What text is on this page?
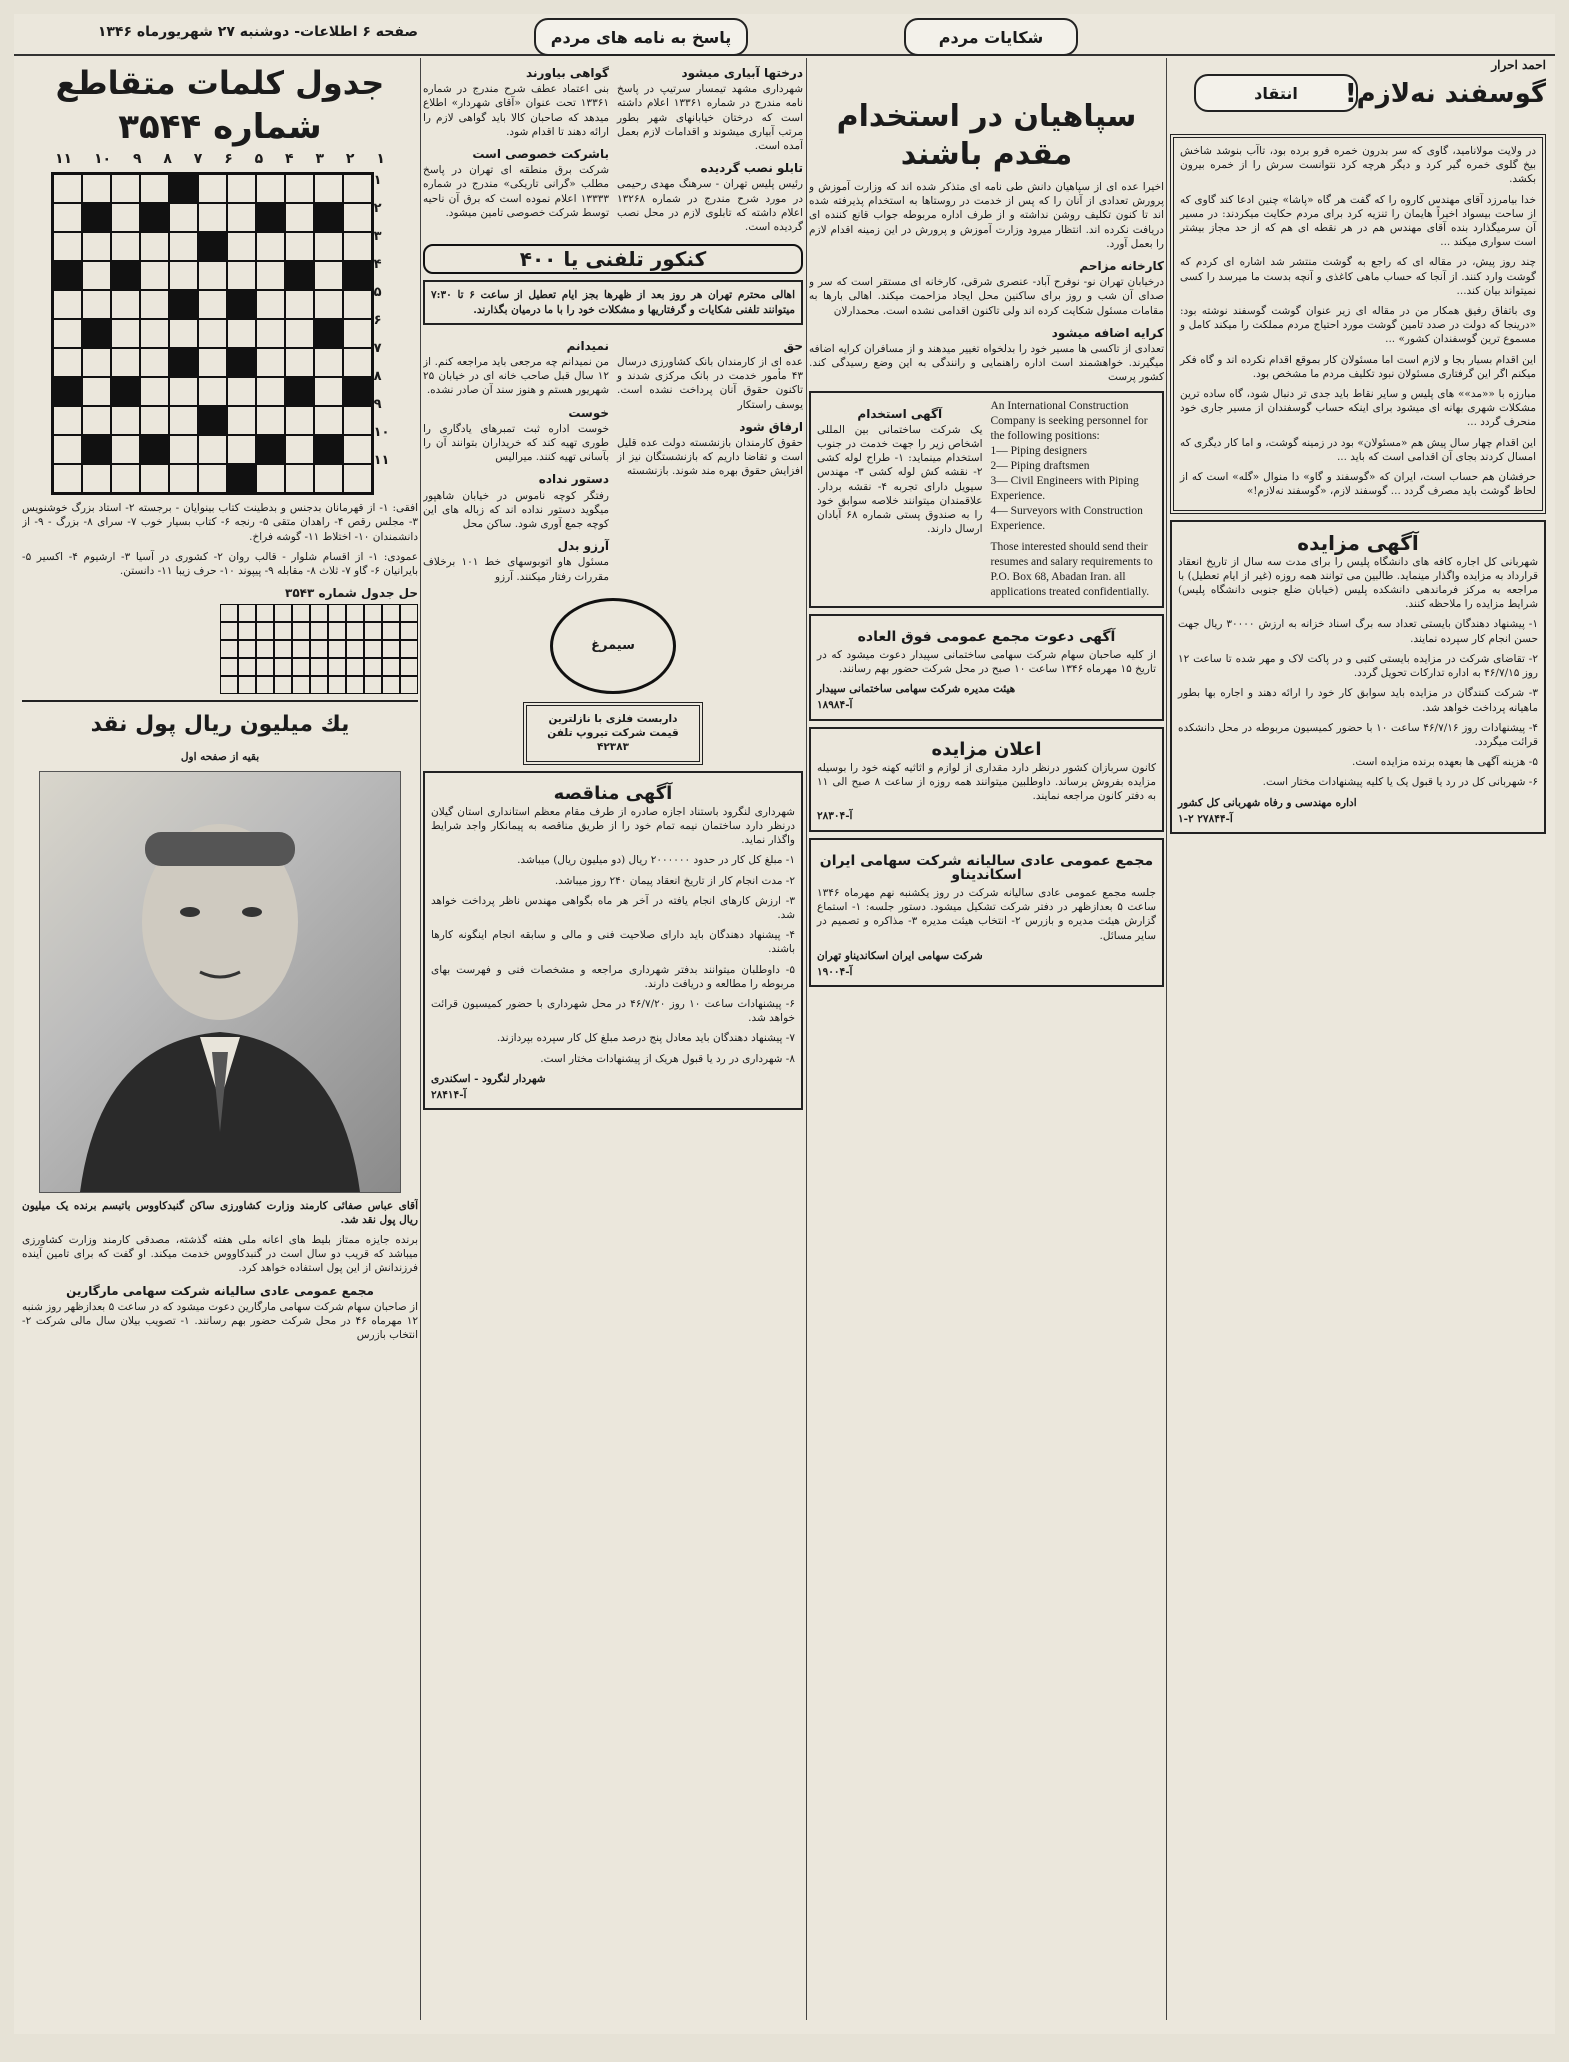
صفحه ۶ اطلاعات- دوشنبه ۲۷ شهریورماه ۱۳۴۶	پاسخ به نامه های مردم	شکایات مردم
انتقاد
احمد احرار
گوسفند نه‌لازم!

در ولایت مولانامید، گاوی که سر بدرون خمره فرو برده بود، تاآب بنوشد شاخش بیخ گلوی خمره گیر کرد و دیگر هرچه کرد نتوانست سرش را از خمره بیرون بکشد.

خدا بیامرزد آقای مهندس کاروه را که گفت هر گاه «پاشا» چنین ادعا کند گاوی که از ساحت بیسواد اخیراً هایمان را تنزیه کرد برای مردم حکایت میکردند: در مسیر آن سرمیگذارد بنده آقای مهندس هم در هر نقطه ای هم که از حد مجاز بیشتر است سواری میکند ...

چند روز پیش، در مقاله ای که راجع به گوشت منتشر شد اشاره ای کردم که گوشت وارد کنند. از آنجا که حساب ماهی کاغذی و آنچه بدست ما میرسد را کسی نمیتواند بیان کند...

وی باتفاق رفیق همکار من در مقاله ای زیر عنوان گوشت گوسفند نوشته بود: «درینجا که دولت در صدد تامین گوشت مورد احتیاج مردم مملکت را میکند کامل و مسموع ترین گوسفندان کشور» ...

این اقدام بسیار بجا و لازم است اما مسئولان کار بموقع اقدام نکرده اند و گاه فکر میکنم اگر این گرفتاری مسئولان نبود تکلیف مردم ما مشخص بود.

مبارزه با ««مد»» های پلیس و سایر نقاط باید جدی تر دنبال شود، گاه ساده ترین مشکلات شهری بهانه ای میشود برای اینکه حساب گوسفندان از مسیر جاری خود منحرف گردد ...

این اقدام چهار سال پیش هم «مسئولان» بود در زمینه گوشت، و اما کار دیگری که امسال کردند بجای آن اقدامی است که باید ...

حرفشان هم حساب است، ایران که «گوسفند و گاو» دا منوال «گله» است که از لحاظ گوشت باید مصرف گردد ... گوسفند لازم، «گوسفند نه‌لازم!»

آگهی مزایده

شهربانی کل اجاره کافه های دانشگاه پلیس را برای مدت سه سال از تاریخ انعقاد قرارداد به مزایده واگذار مینماید. طالبین می توانند همه روزه (غیر از ایام تعطیل) با مراجعه به مرکز فرماندهی دانشکده پلیس (خیابان ضلع جنوبی دانشگاه پلیس) شرایط مزایده را ملاحظه کنند.

۱- پیشنهاد دهندگان بایستی تعداد سه برگ اسناد خزانه به ارزش ۳۰۰۰۰ ریال جهت حسن انجام کار سپرده نمایند.

۲- تقاضای شرکت در مزایده بایستی کتبی و در پاکت لاک و مهر شده تا ساعت ۱۲ روز ۴۶/۷/۱۵ به اداره تدارکات تحویل گردد.

۳- شرکت کنندگان در مزایده باید سوابق کار خود را ارائه دهند و اجاره بها بطور ماهیانه پرداخت خواهد شد.

۴- پیشنهادات روز ۴۶/۷/۱۶ ساعت ۱۰ با حضور کمیسیون مربوطه در محل دانشکده قرائت میگردد.

۵- هزینه آگهی ها بعهده برنده مزایده است.

۶- شهربانی کل در رد یا قبول یک یا کلیه پیشنهادات مختار است.

اداره مهندسی و رفاه شهربانی کل کشور
آ-۲۷۸۴۴ ۲-۱
سپاهیان در استخدام مقدم باشند

اخیرا عده ای از سپاهیان دانش طی نامه ای متذکر شده اند که وزارت آموزش و پرورش تعدادی از آنان را که پس از خدمت در روستاها به استخدام پذیرفته شده اند تا کنون تکلیف روشن نداشته و از طرف اداره مربوطه جواب قانع کننده ای دریافت نکرده اند. انتظار میرود وزارت آموزش و پرورش در این زمینه اقدام لازم را بعمل آورد.

کارخانه مزاحم

درخیابان تهران نو- نوفرح آباد- عنصری شرقی، کارخانه ای مستقر است که سر و صدای آن شب و روز برای ساکنین محل ایجاد مزاحمت میکند. اهالی بارها به مقامات مسئول شکایت کرده اند ولی تاکنون اقدامی نشده است. محمدارلان

کرایه اضافه میشود

تعدادی از تاکسی ها مسیر خود را بدلخواه تغییر میدهند و از مسافران کرایه اضافه میگیرند. خواهشمند است اداره راهنمایی و رانندگی به این وضع رسیدگی کند. کشور پرست

An International Construction Company is seeking personnel for the following positions:
1— Piping designers
2— Piping draftsmen
3— Civil Engineers with Piping Experience.
4— Surveyors with Construction Experience.
Those interested should send their resumes and salary requirements to P.O. Box 68, Abadan Iran. all applications treated confidentially.
آگهی استخدام

یک شرکت ساختمانی بین المللی اشخاص زیر را جهت خدمت در جنوب استخدام مینماید: ۱- طراح لوله کشی ۲- نقشه کش لوله کشی ۳- مهندس سیویل دارای تجربه ۴- نقشه بردار. علاقمندان میتوانند خلاصه سوابق خود را به صندوق پستی شماره ۶۸ آبادان ارسال دارند.

آگهی دعوت مجمع عمومی فوق العاده

از کلیه صاحبان سهام شرکت سهامی ساختمانی سپیدار دعوت میشود که در تاریخ ۱۵ مهرماه ۱۳۴۶ ساعت ۱۰ صبح در محل شرکت حضور بهم رسانند.

هیئت مدیره شرکت سهامی ساختمانی سپیدار
آ-۱۸۹۸۴
اعلان مزایده

کانون سربازان کشور درنظر دارد مقداری از لوازم و اثاثیه کهنه خود را بوسیله مزایده بفروش برساند. داوطلبین میتوانند همه روزه از ساعت ۸ صبح الی ۱۱ به دفتر کانون مراجعه نمایند.

آ-۲۸۳۰۴
مجمع عمومی عادی سالیانه شرکت سهامی ایران اسکاندیناو

جلسه مجمع عمومی عادی سالیانه شرکت در روز یکشنبه نهم مهرماه ۱۳۴۶ ساعت ۵ بعدازظهر در دفتر شرکت تشکیل میشود. دستور جلسه: ۱- استماع گزارش هیئت مدیره و بازرس ۲- انتخاب هیئت مدیره ۳- مذاکره و تصمیم در سایر مسائل.

شرکت سهامی ایران اسکاندیناو تهران
آ-۱۹۰۰۴
درختها آبیاری میشود

شهرداری مشهد تیمسار سرتیپ در پاسخ نامه مندرج در شماره ۱۳۳۶۱ اعلام داشته است که درختان خیابانهای شهر بطور مرتب آبیاری میشوند و اقدامات لازم بعمل آمده است.

تابلو نصب گردیده

رئیس پلیس تهران - سرهنگ مهدی رحیمی در مورد شرح مندرج در شماره ۱۳۲۶۸ اعلام داشته که تابلوی لازم در محل نصب گردیده است.

گواهی بیاورند

بنی اعتماد عطف شرح مندرج در شماره ۱۳۳۶۱ تحت عنوان «آقای شهردار» اطلاع میدهد که صاحبان کالا باید گواهی لازم را ارائه دهند تا اقدام شود.

باشرکت خصوصی است

شرکت برق منطقه ای تهران در پاسخ مطلب «گرانی تاریکی» مندرج در شماره ۱۳۳۳۳ اعلام نموده است که برق آن ناحیه توسط شرکت خصوصی تامین میشود.

کنکور تلفنی یا ۴۰۰
اهالی محترم تهران هر روز بعد از ظهرها بجز ایام تعطیل از ساعت ۶ تا ۷:۳۰ میتوانند تلفنی شکایات و گرفتاریها و مشکلات خود را با ما درمیان بگذارند.
حق

عده ای از کارمندان بانک کشاورزی درسال ۴۳ مأمور خدمت در بانک مرکزی شدند و تاکنون حقوق آنان پرداخت نشده است. یوسف راستکار

ارفاق شود

حقوق کارمندان بازنشسته دولت عده قلیل است و تقاضا داریم که بازنشستگان نیز از افزایش حقوق بهره مند شوند. بازنشسته

نمیدانم

من نمیدانم چه مرجعی باید مراجعه کنم. از ۱۲ سال قبل صاحب خانه ای در خیابان ۲۵ شهریور هستم و هنوز سند آن صادر نشده.

خوست

خوست اداره ثبت تمبرهای یادگاری را طوری تهیه کند که خریداران بتوانند آن را بآسانی تهیه کنند. میرالیس

دستور نداده

رفتگر کوچه ناموس در خیابان شاهپور میگوید دستور نداده اند که زباله های این کوچه جمع آوری شود. ساکن محل

آرزو بدل

مسئول هاو اتوبوسهای خط ۱۰۱ برخلاف مقررات رفتار میکنند. آرزو

سیمرغ
داربست فلزی با نازلترین قیمت شرکت تیروپ تلفن ۴۲۳۸۳
آگهی مناقصه

شهرداری لنگرود باستناد اجازه صادره از طرف مقام معظم استانداری استان گیلان درنظر دارد ساختمان نیمه تمام خود را از طریق مناقصه به پیمانکار واجد شرایط واگذار نماید.

۱- مبلغ کل کار در حدود ۲۰۰۰۰۰۰ ریال (دو میلیون ریال) میباشد.

۲- مدت انجام کار از تاریخ انعقاد پیمان ۲۴۰ روز میباشد.

۳- ارزش کارهای انجام یافته در آخر هر ماه بگواهی مهندس ناظر پرداخت خواهد شد.

۴- پیشنهاد دهندگان باید دارای صلاحیت فنی و مالی و سابقه انجام اینگونه کارها باشند.

۵- داوطلبان میتوانند بدفتر شهرداری مراجعه و مشخصات فنی و فهرست بهای مربوطه را مطالعه و دریافت دارند.

۶- پیشنهادات ساعت ۱۰ روز ۴۶/۷/۲۰ در محل شهرداری با حضور کمیسیون قرائت خواهد شد.

۷- پیشنهاد دهندگان باید معادل پنج درصد مبلغ کل کار سپرده بپردازند.

۸- شهرداری در رد یا قبول هریک از پیشنهادات مختار است.

شهردار لنگرود - اسکندری
آ-۲۸۴۱۴
جدول کلمات متقاطع
شماره ۳۵۴۴
۱۱ ۱۰ ۹ ۸ ۷ ۶ ۵ ۴ ۳ ۲ ۱

۱
۲
۳
۴
۵
۶
۷
۸
۹
۱۰
۱۱

افقی: ۱- از قهرمانان بدجنس و بدطینت کتاب بینوایان - برجسته ۲- استاد بزرگ خوشنویس ۳- مجلس رقص ۴- راهدان متقی ۵- رنجه ۶- کتاب بسیار خوب ۷- سرای ۸- بزرگ - ۹- از دانشمندان ۱۰- اختلاط ۱۱- گوشه فراخ.

عمودی: ۱- از اقسام شلوار - قالب روان ۲- کشوری در آسیا ۳- ارشیوم ۴- اکسیر ۵- بایرانیان ۶- گاو ۷- ثلاث ۸- مقابله ۹- پیپوند ۱۰- حرف زیبا ۱۱- دانستن.

حل جدول شماره ۳۵۴۳

یك میلیون ریال پول نقد
بقیه از صفحه اول

آقای عباس صفائی کارمند وزارت کشاورزی ساکن گنبدکاووس باتبسم برنده یک میلیون ریال پول نقد شد.

برنده جایزه ممتاز بلیط های اعانه ملی هفته گذشته، مصدقی کارمند وزارت کشاورزی میباشد که قریب دو سال است در گنبدکاووس خدمت میکند. او گفت که برای تامین آینده فرزندانش از این پول استفاده خواهد کرد.

مجمع عمومی عادی سالیانه شرکت سهامی مارگارین

از صاحبان سهام شرکت سهامی مارگارین دعوت میشود که در ساعت ۵ بعدازظهر روز شنبه ۱۲ مهرماه ۴۶ در محل شرکت حضور بهم رسانند. ۱- تصویب بیلان سال مالی شرکت ۲- انتخاب بازرس
